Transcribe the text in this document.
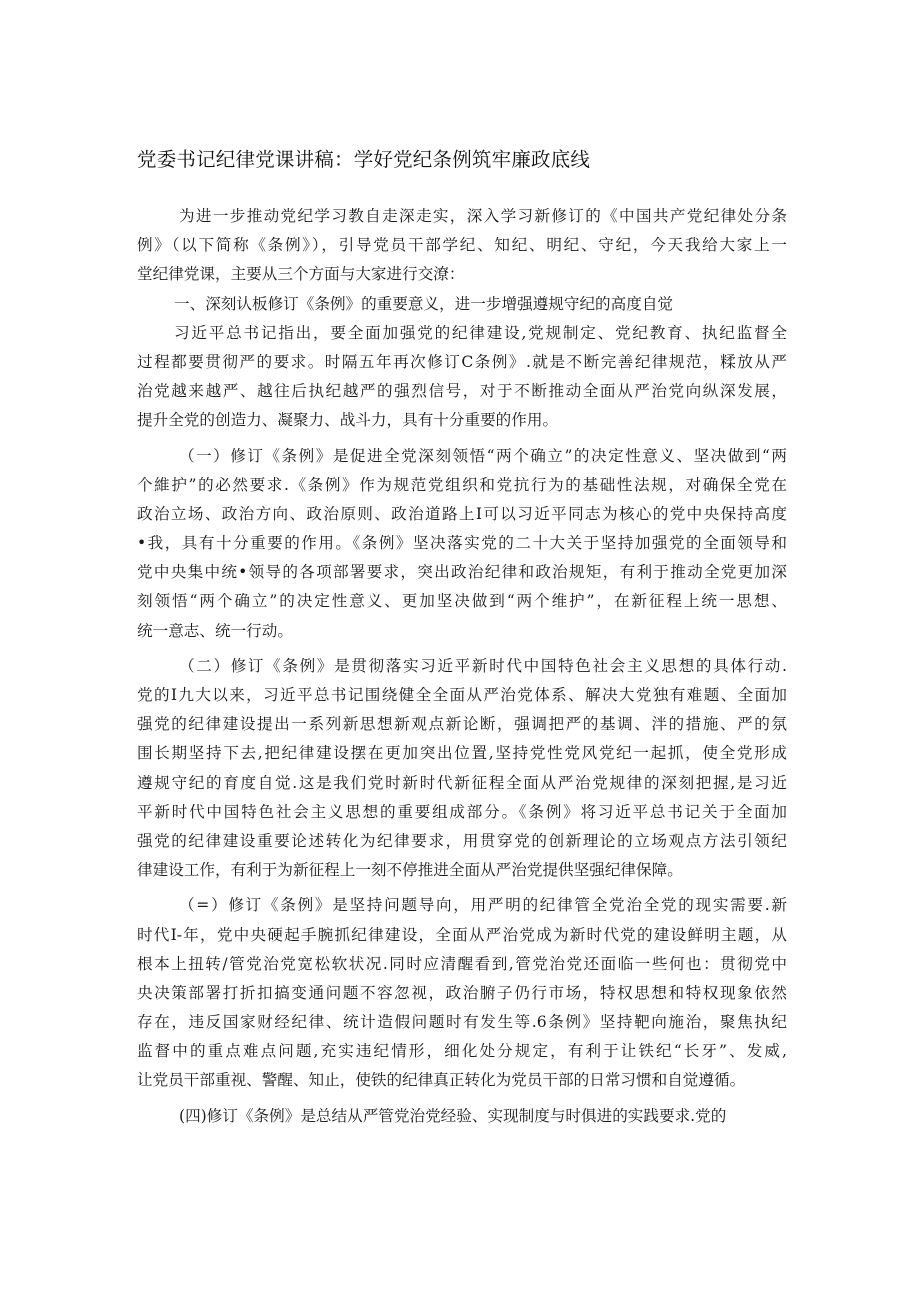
党委书记纪律党课讲稿：学好党纪条例筑牢廉政底线
为进一步推动党纪学习教自走深走实，深入学习新修订的《中国共产党纪律处分条
例》（以下简称《条例》），引导党员干部学纪、知纪、明纪、守纪，今天我给大家上一
堂纪律党课，主要从三个方面与大家进行交潦：
一、深刻认板修订《条例》的重要意义，进一步增强遵规守纪的高度自觉
习近平总书记指出，要全面加强党的纪律建设,党规制定、党纪教育、执纪监督全
过程都要贯彻严的要求。时隔五年再次修订C条例》.就是不断完善纪律规范，糅放从严
治党越来越严、越往后执纪越严的强烈信号，对于不断推动全面从严治党向纵深发展，
提升全党的创造力、凝聚力、战斗力，具有十分重要的作用。
（一）修订《条例》是促进全党深刻领悟“两个确立”的决定性意义、坚决做到“两
个維护”的必然要求.《条例》作为规范党组织和党抗行为的基础性法规，对确保全党在
政治立场、政治方向、政治原则、政治道路上I可以习近平同志为核心的党中央保持高度
•我，具有十分重要的作用。《条例》坚决落实党的二十大关于坚持加强党的全面领导和
党中央集中统•领导的各项部署要求，突出政治纪律和政治规矩，有利于推动全党更加深
刻领悟“两个确立”的决定性意义、更加坚决做到“两个维护”，在新征程上统一思想、
统一意志、统一行动。
（二）修订《条例》是贯彻落实习近平新时代中国特色社会主义思想的具体行动.
党的I九大以来，习近平总书记围绕健全全面从严治党体系、解决大党独有难题、全面加
强党的纪律建设提出一系列新思想新观点新论断，强调把严的基调、泮的措施、严的氛
围长期坚持下去,把纪律建设摆在更加突出位置,坚持党性党风党纪一起抓，使全党形成
遵规守纪的育度自觉.这是我们党时新时代新征程全面从严治党规律的深刻把握,是习近
平新时代中国特色社会主义思想的重要组成部分。《条例》将习近平总书记关于全面加
强党的纪律建设重要论述转化为纪律要求，用贯穿党的创新理论的立场观点方法引领纪
律建设工作，有利于为新征程上一刻不停推进全面从严治党提供坚强纪律保障。
（=）修订《条例》是坚持问题导向，用严明的纪律管全党治全党的现实需要.新
时代I-年，党中央硬起手腕抓纪律建设，全面从严治党成为新时代党的建设鲜明主题，从
根本上扭转/管党治党宽松软状况.同时应清醒看到,管党治党还面临一些何也：贯彻党中
央决策部署打折扣搞变通问题不容忽视，政治腑子仍行市场，特权思想和特权现象依然
存在，违反国家财经纪律、统计造假问题时有发生等.6条例》坚持靶向施治，聚焦执纪
监督中的重点难点问题,充实违纪情形，细化处分规定，有利于让铁纪“长牙”、发威,
让党员干部重视、警醒、知止，使铁的纪律真正转化为党员干部的日常习惯和自觉遵循。
(四)修订《条例》是总结从严管党治党经验、实现制度与时俱进的实践要求.党的
